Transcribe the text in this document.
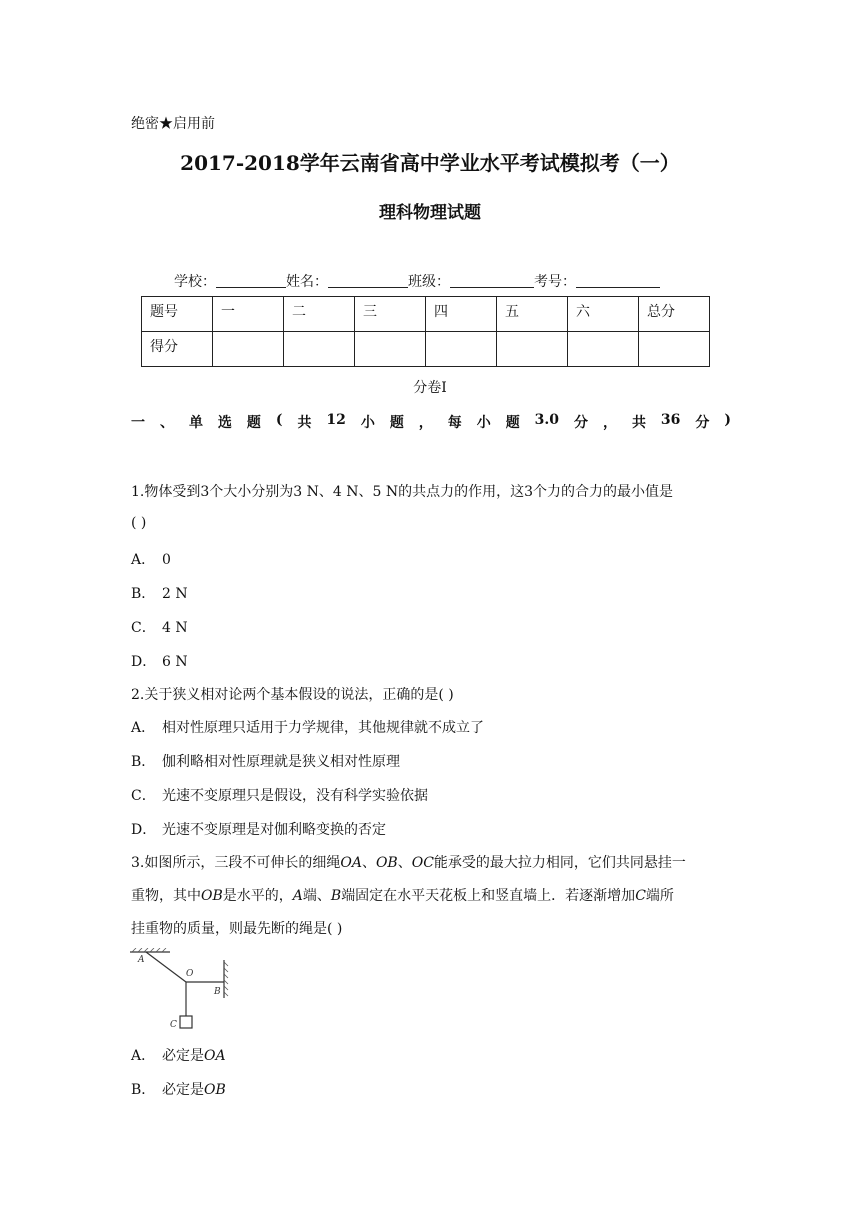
绝密★启用前
2017-2018学年云南省高中学业水平考试模拟考（一）
理科物理试题
学校：	姓名：	班级：	考号：
题号	一	二	三	四	五	六	总分
得分							
分卷I
一 、 单 选 题 ( 共 12 小 题 ， 每 小 题 3.0 分 ， 共 36 分 )
1.物体受到3个大小分别为3 N、4 N、5 N的共点力的作用，这3个力的合力的最小值是
( )
A． 0
B． 2 N
C． 4 N
D． 6 N
2.关于狭义相对论两个基本假设的说法，正确的是( )
A． 相对性原理只适用于力学规律，其他规律就不成立了
B． 伽利略相对性原理就是狭义相对性原理
C． 光速不变原理只是假设，没有科学实验依据
D． 光速不变原理是对伽利略变换的否定
3.如图所示，三段不可伸长的细绳OA、OB、OC能承受的最大拉力相同，它们共同悬挂一
重物，其中OB是水平的，A端、B端固定在水平天花板上和竖直墙上．若逐渐增加C端所
挂重物的质量，则最先断的绳是( )
A
O
B
C
A． 必定是OA
B． 必定是OB
